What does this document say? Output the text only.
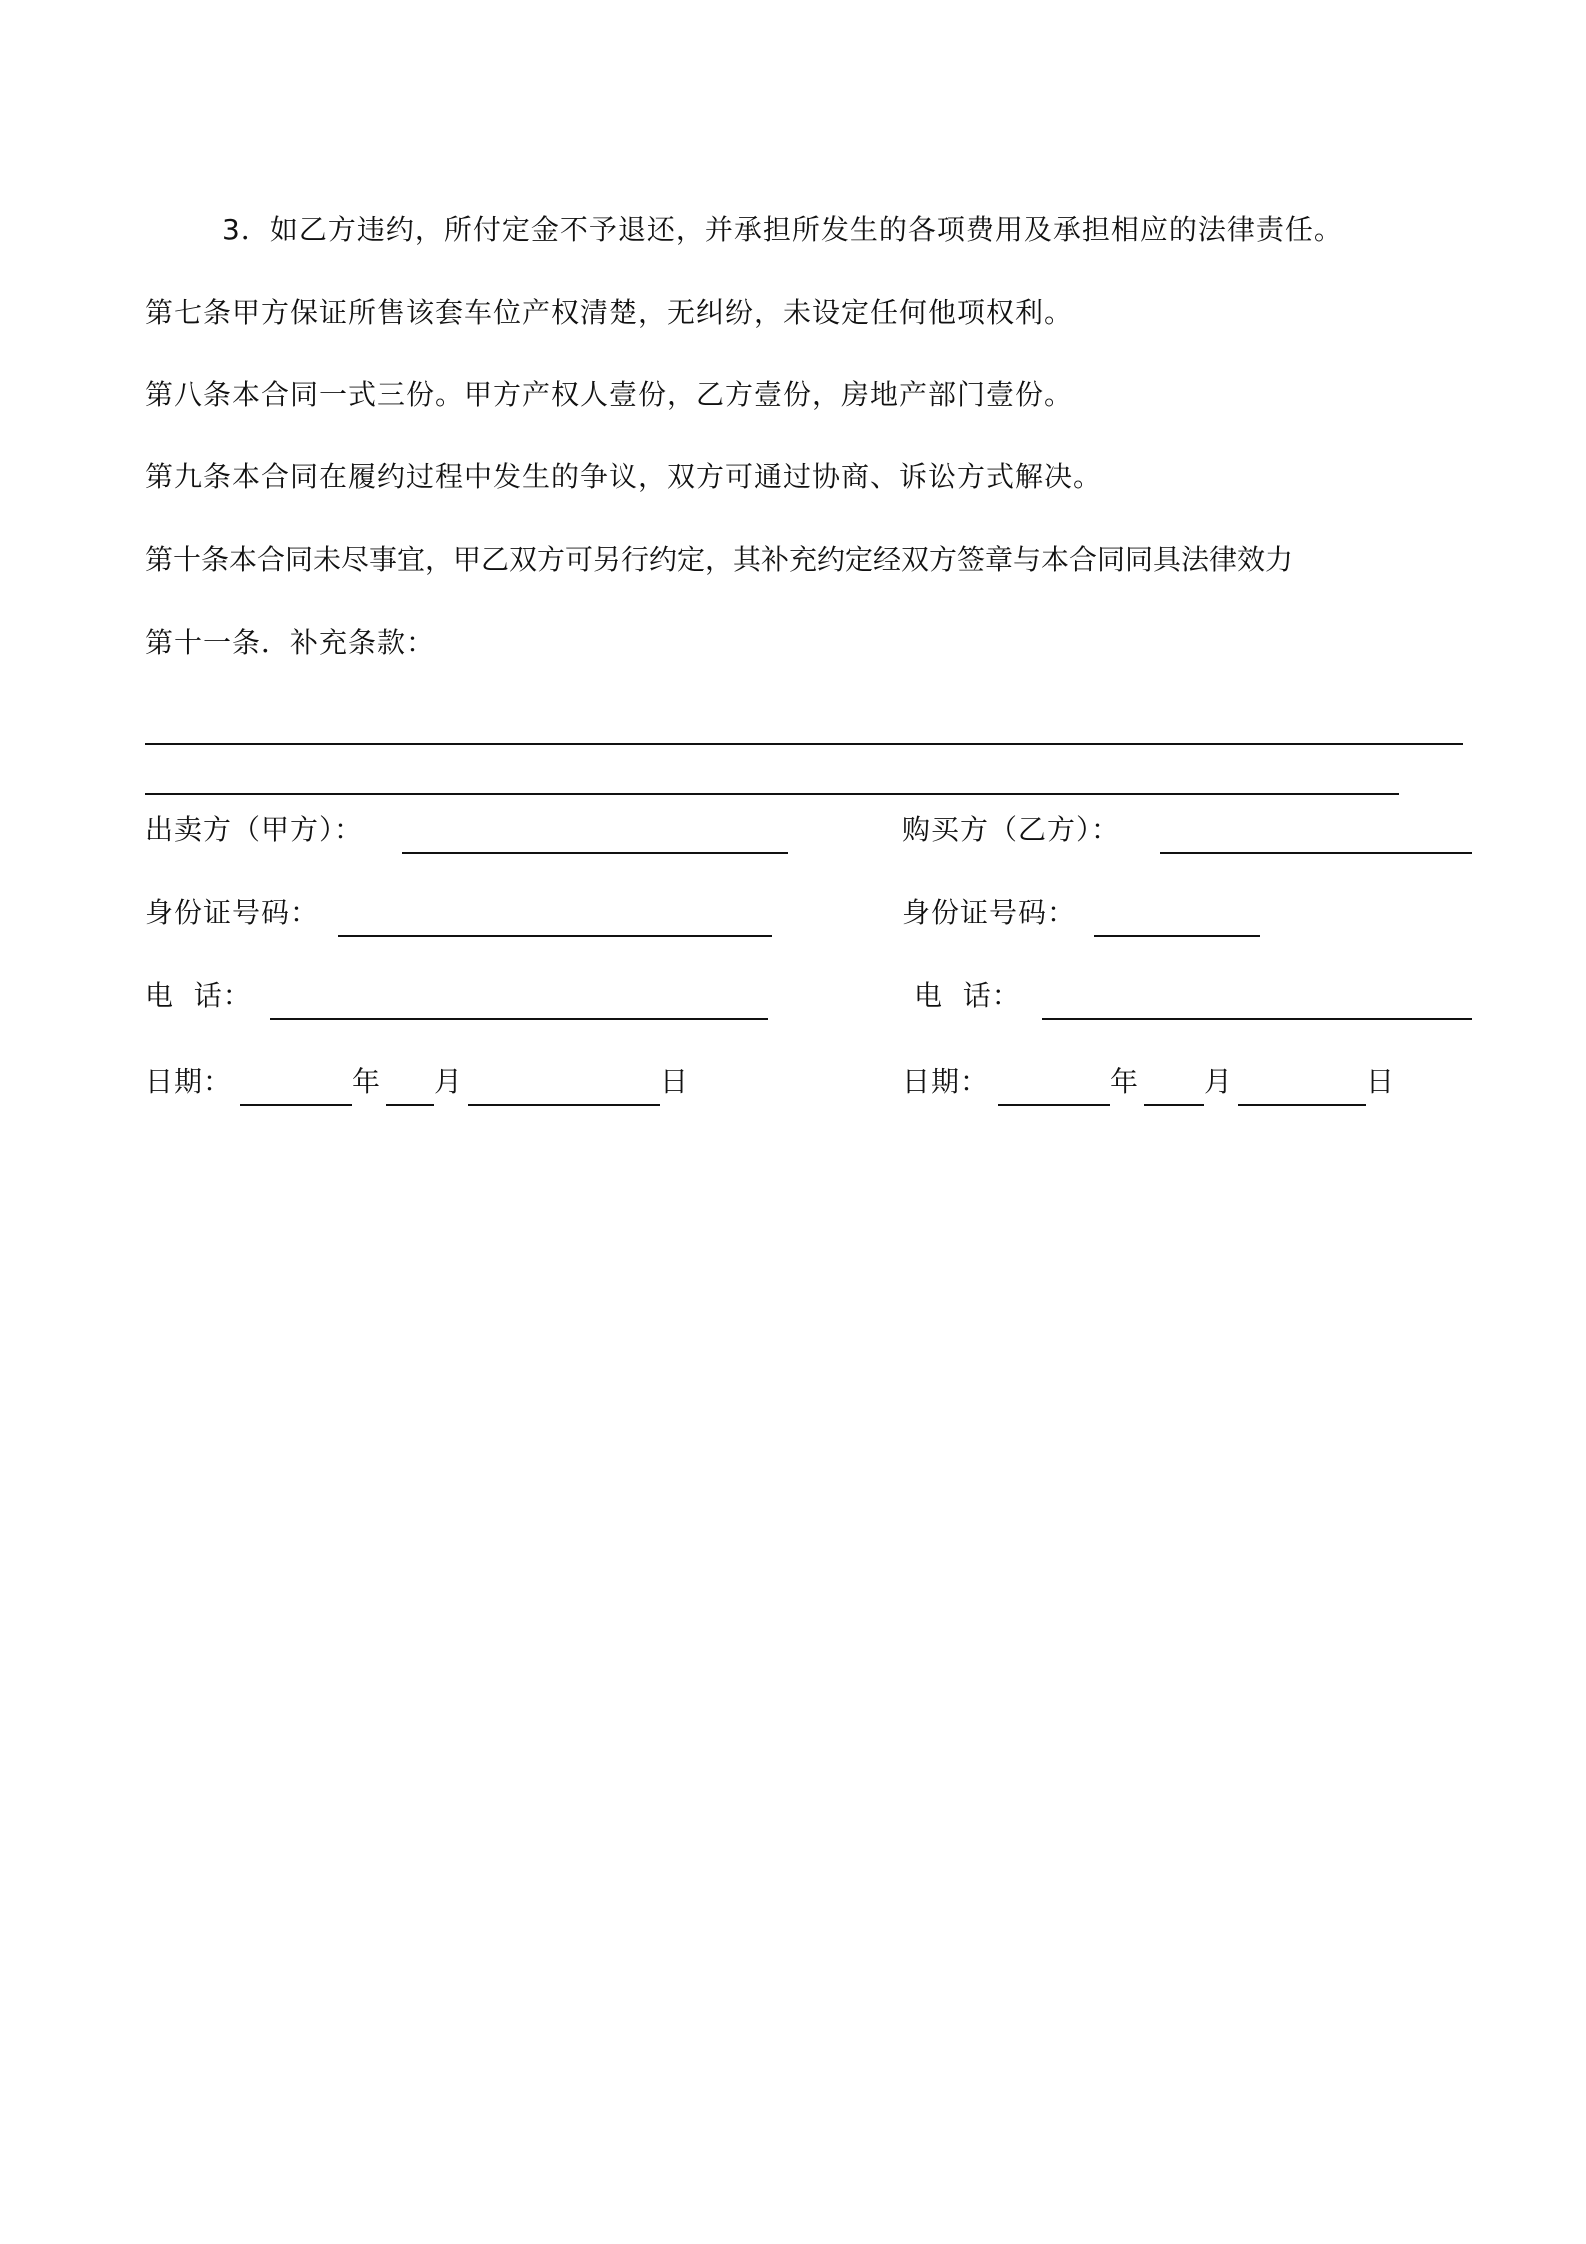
3．如乙方违约，所付定金不予退还，并承担所发生的各项费用及承担相应的法律责任。
第七条甲方保证所售该套车位产权清楚，无纠纷，未设定任何他项权利。
第八条本合同一式三份。甲方产权人壹份，乙方壹份，房地产部门壹份。
第九条本合同在履约过程中发生的争议，双方可通过协商、诉讼方式解决。
第十条本合同未尽事宜，甲乙双方可另行约定，其补充约定经双方签章与本合同同具法律效力
第十一条．补充条款：
出卖方（甲方）：
身份证号码：
电  话：
日期：	年 月	日
购买方（乙方）：
身份证号码：
电  话：
日期：	年 月	日
